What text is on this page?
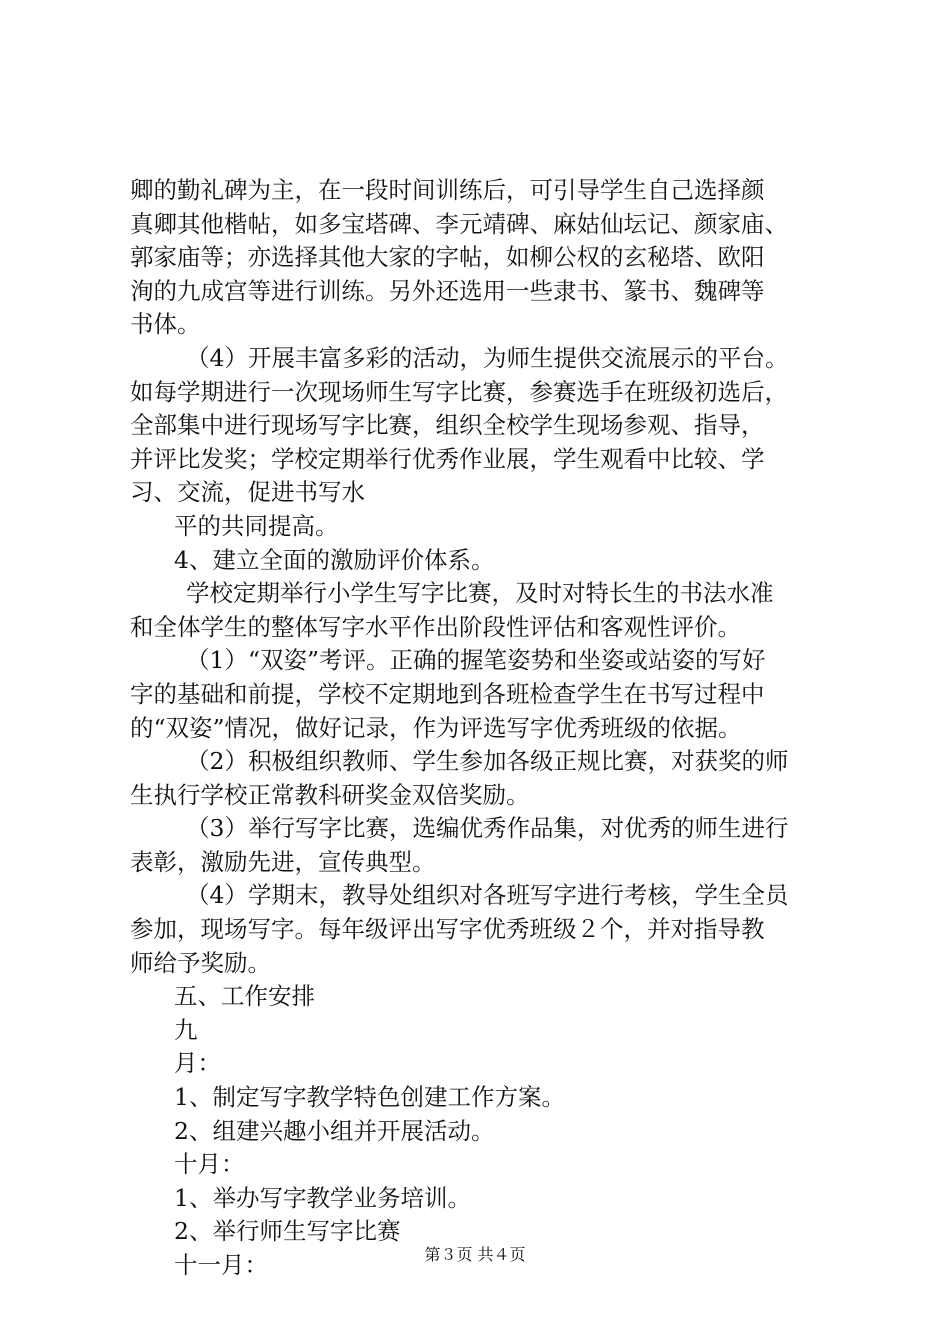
卿的勤礼碑为主，在一段时间训练后，可引导学生自己选择颜
真卿其他楷帖，如多宝塔碑、李元靖碑、麻姑仙坛记、颜家庙、
郭家庙等；亦选择其他大家的字帖，如柳公权的玄秘塔、欧阳
洵的九成宫等进行训练。另外还选用一些隶书、篆书、魏碑等
书体。
（4）开展丰富多彩的活动，为师生提供交流展示的平台。
如每学期进行一次现场师生写字比赛，参赛选手在班级初选后，
全部集中进行现场写字比赛，组织全校学生现场参观、指导，
并评比发奖；学校定期举行优秀作业展，学生观看中比较、学
习、交流，促进书写水
平的共同提高。
4、建立全面的激励评价体系。
学校定期举行小学生写字比赛，及时对特长生的书法水准
和全体学生的整体写字水平作出阶段性评估和客观性评价。
（1）“双姿”考评。正确的握笔姿势和坐姿或站姿的写好
字的基础和前提，学校不定期地到各班检查学生在书写过程中
的“双姿”情况，做好记录，作为评选写字优秀班级的依据。
（2）积极组织教师、学生参加各级正规比赛，对获奖的师
生执行学校正常教科研奖金双倍奖励。
（3）举行写字比赛，选编优秀作品集，对优秀的师生进行
表彰，激励先进，宣传典型。
（4）学期末，教导处组织对各班写字进行考核，学生全员
参加，现场写字。每年级评出写字优秀班级２个，并对指导教
师给予奖励。
五、工作安排
九
月：
1、制定写字教学特色创建工作方案。
2、组建兴趣小组并开展活动。
十月：
1、举办写字教学业务培训。
2、举行师生写字比赛
十一月：	第３页 共４页
